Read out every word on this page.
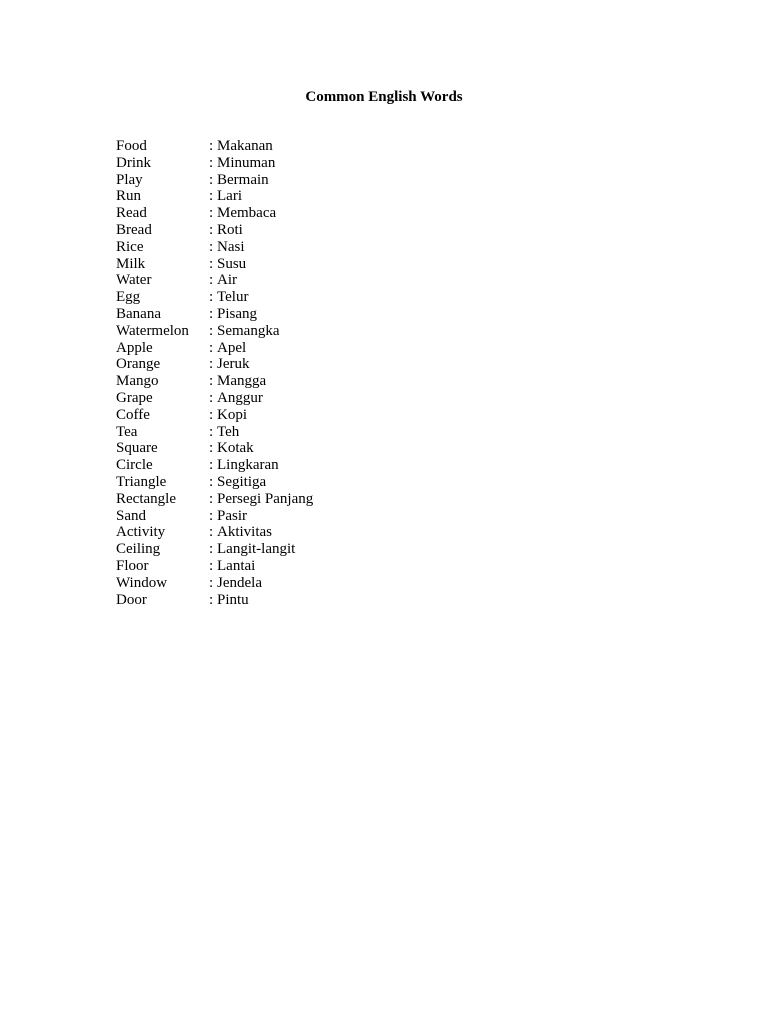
Common English Words
Food	: Makanan
Drink	: Minuman
Play	: Bermain
Run	: Lari
Read	: Membaca
Bread	: Roti
Rice	: Nasi
Milk	: Susu
Water	: Air
Egg	: Telur
Banana	: Pisang
Watermelon	: Semangka
Apple	: Apel
Orange	: Jeruk
Mango	: Mangga
Grape	: Anggur
Coffe	: Kopi
Tea	: Teh
Square	: Kotak
Circle	: Lingkaran
Triangle	: Segitiga
Rectangle	: Persegi Panjang
Sand	: Pasir
Activity	: Aktivitas
Ceiling	: Langit-langit
Floor	: Lantai
Window	: Jendela
Door	: Pintu
